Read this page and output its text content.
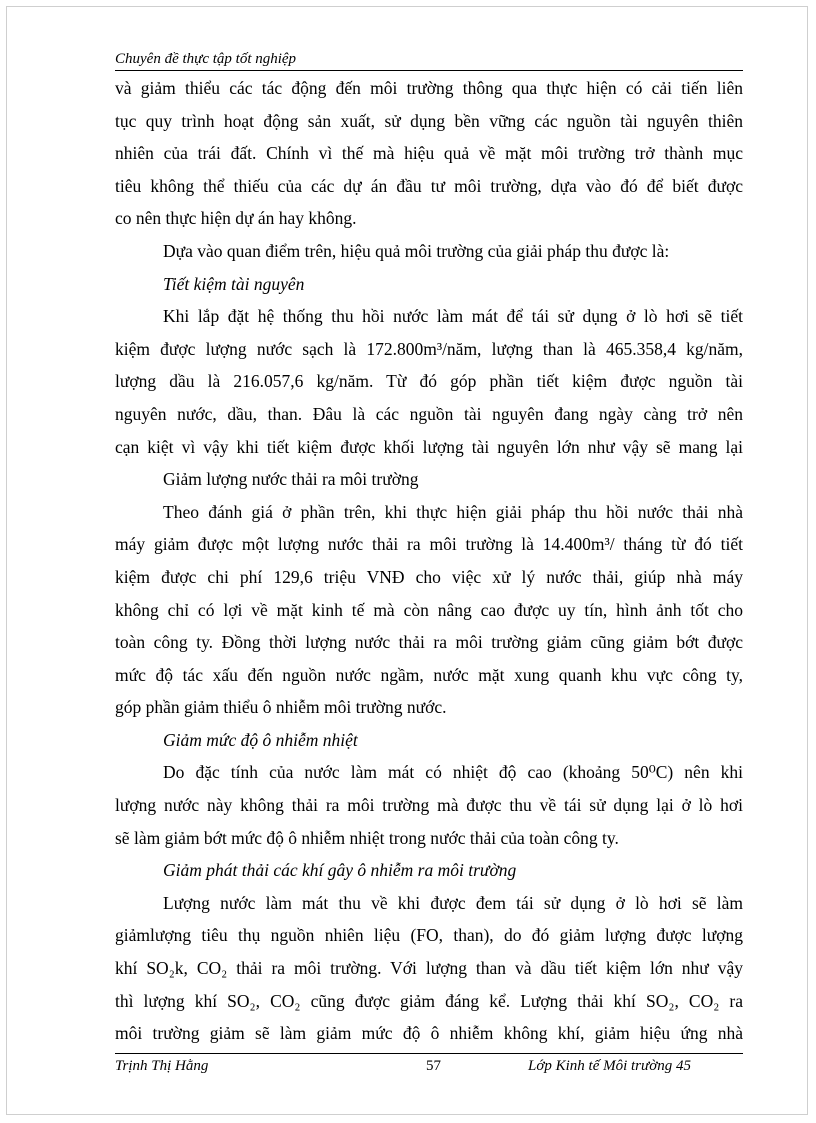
Chuyên đề thực tập tốt nghiệp
và giảm thiểu các tác động đến môi trường thông qua thực hiện có cải tiến liên
tục quy trình hoạt động sản xuất, sử dụng bền vững các nguồn tài nguyên thiên
nhiên của trái đất. Chính vì thế mà hiệu quả về mặt môi trường trở thành mục
tiêu không thể thiếu của các dự án đầu tư môi trường, dựa vào đó để biết được
co nên thực hiện dự án hay không.
Dựa vào quan điểm trên, hiệu quả môi trường của giải pháp thu được là:
Tiết kiệm tài nguyên
Khi lắp đặt hệ thống thu hồi nước làm mát để tái sử dụng ở lò hơi sẽ tiết
kiệm được lượng nước sạch là 172.800m³/năm, lượng than là 465.358,4 kg/năm,
lượng dầu là 216.057,6 kg/năm. Từ đó góp phần tiết kiệm được nguồn tài
nguyên nước, dầu, than. Đâu là các nguồn tài nguyên đang ngày càng trở nên
cạn kiệt vì vậy khi tiết kiệm được khối lượng tài nguyên lớn như vậy sẽ mang lại
Giảm lượng nước thải ra môi trường
Theo đánh giá ở phần trên, khi thực hiện giải pháp thu hồi nước thải nhà
máy giảm được một lượng nước thải ra môi trường là 14.400m³/ tháng từ đó tiết
kiệm được chi phí 129,6 triệu VNĐ cho việc xử lý nước thải, giúp nhà máy
không chỉ có lợi về mặt kinh tế mà còn nâng cao được uy tín, hình ảnh tốt cho
toàn công ty. Đồng thời lượng nước thải ra môi trường giảm cũng giảm bớt được
mức độ tác xấu đến nguồn nước ngầm, nước mặt xung quanh khu vực công ty,
góp phần giảm thiểu ô nhiễm môi trường nước.
Giảm mức độ ô nhiễm nhiệt
Do đặc tính của nước làm mát có nhiệt độ cao (khoảng 50⁰C) nên khi
lượng nước này không thải ra môi trường mà được thu về tái sử dụng lại ở lò hơi
sẽ làm giảm bớt mức độ ô nhiễm nhiệt trong nước thải của toàn công ty.
Giảm phát thải các khí gây ô nhiễm ra môi trường
Lượng nước làm mát thu về khi được đem tái sử dụng ở lò hơi sẽ làm
giảmlượng tiêu thụ nguồn nhiên liệu (FO, than), do đó giảm lượng được lượng
khí SO₂k, CO₂ thải ra môi trường. Với lượng than và dầu tiết kiệm lớn như vậy
thì lượng khí SO₂, CO₂ cũng được giảm đáng kể. Lượng thải khí SO₂, CO₂ ra
môi trường giảm sẽ làm giảm mức độ ô nhiễm không khí, giảm hiệu ứng nhà
Trịnh Thị Hằng	57	Lớp Kinh tế Môi trường 45
